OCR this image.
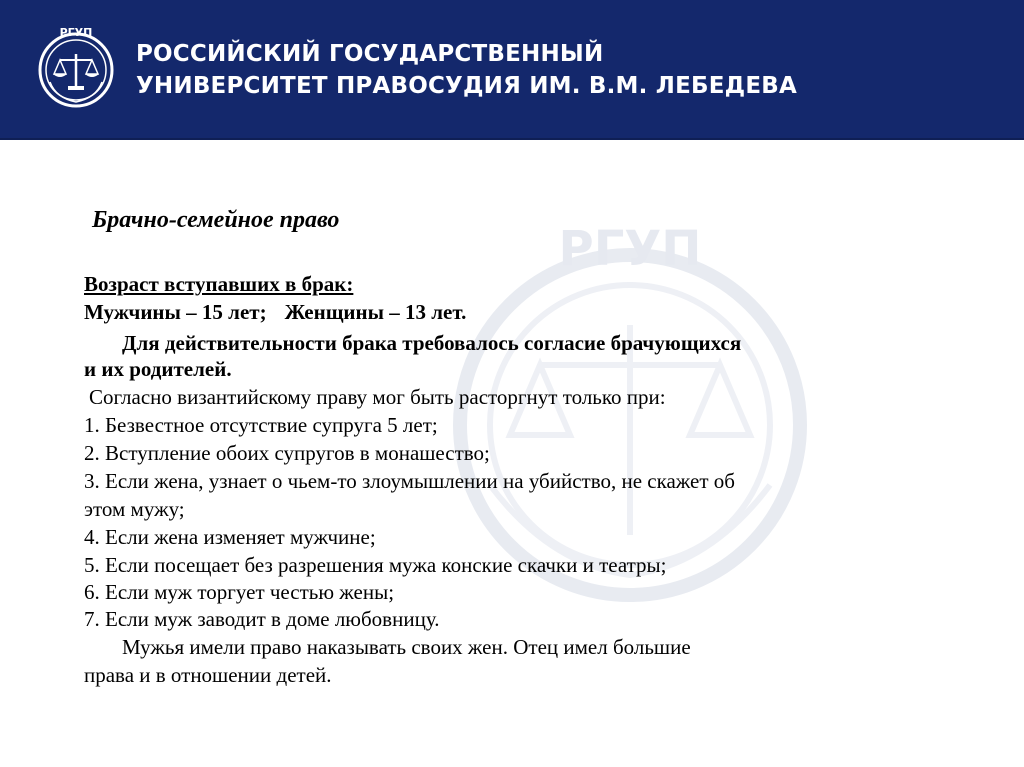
РГУП
РОССИЙСКИЙ ГОСУДАРСТВЕННЫЙ
УНИВЕРСИТЕТ ПРАВОСУДИЯ ИМ. В.М. ЛЕБЕДЕВА
РГУП
Брачно-семейное право
Возраст вступавших в брак:
Мужчины – 15 лет; Женщины – 13 лет.
Для действительности брака требовалось согласие брачующихся
и их родителей.
Согласно византийскому праву мог быть расторгнут только при:
1. Безвестное отсутствие супруга 5 лет;
2. Вступление обоих супругов в монашество;
3. Если жена, узнает о чьем-то злоумышлении на убийство, не скажет об
этом мужу;
4. Если жена изменяет мужчине;
5. Если посещает без разрешения мужа конские скачки и театры;
6. Если муж торгует честью жены;
7. Если муж заводит в доме любовницу.
Мужья имели право наказывать своих жен. Отец имел большие
права и в отношении детей.
